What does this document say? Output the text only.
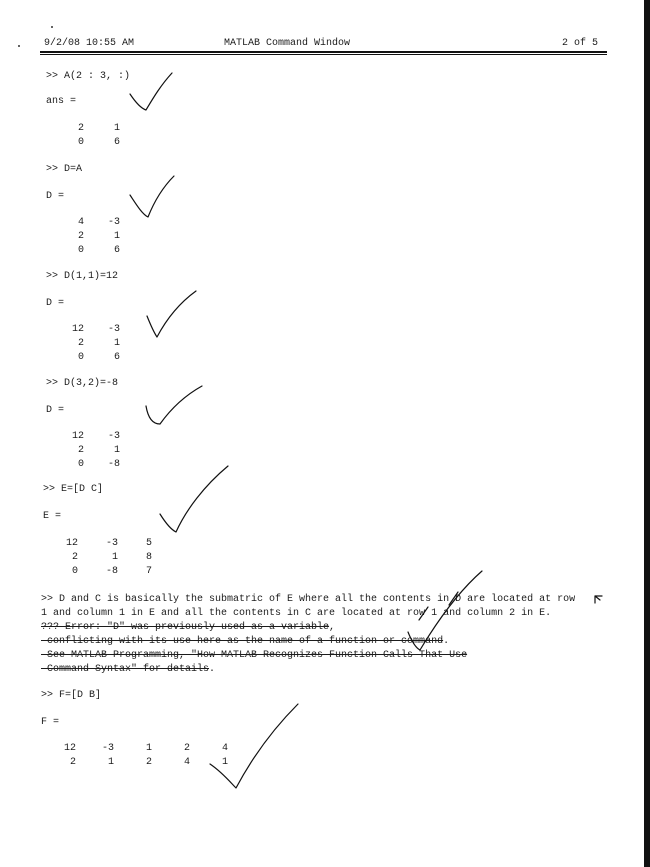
9/2/08 10:55 AM	MATLAB Command Window	2 of 5
>> A(2 : 3, :)
ans =
2	1
0	6
>> D=A
D =
4	-3
2	1
0	6
>> D(1,1)=12
D =
12	-3
2	1
0	6
>> D(3,2)=-8
D =
12	-3
2	1
0	-8
>> E=[D C]
E =
12	-3	5
2	1	8
0	-8	7
>> D and C is basically the submatric of E where all the contents in D are located at row
1 and column 1 in E and all the contents in C are located at row 1 and column 2 in E.
??? Error: "D" was previously used as a variable,
conflicting with its use here as the name of a function or command.
See MATLAB Programming, "How MATLAB Recognizes Function Calls That Use
Command Syntax" for details.
>> F=[D B]
F =
12	-3	1	2	4
2	1	2	4	1
